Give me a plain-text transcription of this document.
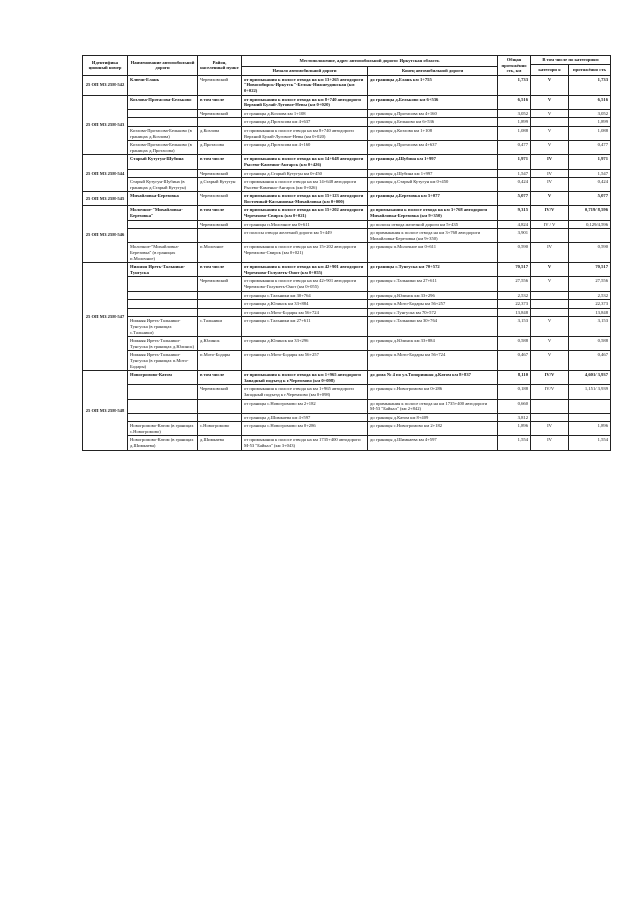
Идентифика ционный номер	Наименование автомобильной дороги	Район, населенный пункт	Местоположение, адрес автомобильной дороги: Иркутская область		Общая протяжённо сть, км	В том числе по категориям	
						категори я	протяжённо сть
			Начало автомобильной дороги	Конец автомобильной дороги			
25 ОП МЗ 25Н-542	Ключи-Елань	Черемховский	от примыкания к полосе отвода на км 13+265 автодороги "Новосибирск-Иркутск"-Белык-Нижнеудинская (км 0+022)	до границы д.Елань км 1+755	1,733	V	1,733
25 ОП МЗ 25Н-543	Козлова-Протасова-Бельково	в том числе	от примыкания к полосе отвода на км 8+740 автодороги Верхний Булай-Луговое-Невы (км 0+020)	до границы д.Бельково км 6+536	6,516	V	6,516
		Черемховский	от границы д.Козлова км 1+108	до границы д.Протасова км 4+160	3,052	V	3,052
			от границы д.Протасова км 4+637	до границы д.Бельково км 6+536	1,899		1,899
	Козлова-Протасова-Бельково (в границах д.Козлова)	д.Козлова	от примыкания к полосе отвода на км 8+740 автодороги Верхний Булай-Луговое-Невы (км 0+020)	до границы д.Козлова км 1+108	1,088	V	1,088
	Козлова-Протасова-Бельково (в границах д.Протасова)	д.Протасова	от границы д.Протасова км 4+160	до границы д.Протасова км 4+637	0,477	V	0,477
25 ОП МЗ 25Н-544	Старый Кутугун-Шубина	в том числе	от примыкания к полосе отвода на км 14+648 автодороги Рысево-Каменно-Ангарск (км 0+426)	до границы д.Шубина км 1+997	1,971	IV	1,971
		Черемховский	от границы д.Старый Кутугун км 0+450	до границы д.Шубина км 1+997	1,547	IV	1,547
	Старый Кутугун-Шубина (в границах д.Старый Кутугун)	д.Старый Кутугун	от примыкания к полосе отвода на км 14+648 автодороги Рысево-Каменно-Ангарск (км 0+026)	до границы д.Старый Кутугун км 0+450	0,424	IV	0,424
25 ОП МЗ 25Н-545	Михайловка-Березовка	Черемховский	от примыкания к полосе отвода на км 15+123 автодороги Восточный-Касьяновка-Михайловка (км 0+000)	до границы д.Березовка км 5+077	5,077	V	5,077
25 ОП МЗ 25Н-546	Молочное-"Михайловка-Березовка"	в том числе	от примыкания к полосе отвода на км 15+202 автодороги Черемхово-Свирск (км 0+021)	до примыкания к полосе отвода на км 3+768 автодороги Михайловка-Березовка (км 9+350)	9,315	IV/V	0,719/ 8,596
		Черемховский	от границы п.Молочное км 0+611	до полосы отвода железной дороги км 5+435	4,824	IV / V	0,129/4,596
			от полосы отвода железной дороги км 5+449	до примыкания к полосе отвода на км 3+768 автодороги Михайловка-Березовка (км 9+350)	3,901		
	Молочное-"Михайловка-Березовка" (в границах п.Молочное)	п.Молочное	от примыкания к полосе отвода на км 15+202 автодороги Черемхово-Свирск (км 0+021)	до границы п.Молочное км 0+611	0,590	IV	0,590
25 ОП МЗ 25Н-547	Нижняя Иреть-Тальники-Тунгуска	в том числе	от примыкания к полосе отвода на км 42+901 автодороги Черемхово-Голуметь-Онот (км 0+055)	до границы с.Тунгуска км 70+572	70,517	V	70,517
		Черемховский	от примыкания к полосе отвода на км 42+901 автодороги Черемхово-Голуметь-Онот (км 0+055)	до границы с.Тальники км 27+611	27,556	V	27,556
			от границы с.Тальники км 30+764	до границы д.Юлинск км 33+296	2,532		2,532
			от границы д.Юлинск км 33+884	до границы п.Мото-Бодары км 56+257	22,373		22,373
			от границы п.Мото-Бодары км 56+724	до границы с.Тунгуска км 70+572	13,848		13,848
	Нижняя Иреть-Тальники-Тунгуска (в границах с.Тальники)	с.Тальники	от границы с.Тальники км 27+611	до границы с.Тальники км 30+764	3,153	V	3,153
	Нижняя Иреть-Тальники-Тунгуска (в границах д.Юлинск)	д.Юлинск	от границы д.Юлинск км 33+296	до границы д.Юлинск км 33+884	0,588	V	0,588
	Нижняя Иреть-Тальники-Тунгуска (в границах п.Мото-Бодары)	п.Мото-Бодары	от границы п.Мото-Бодары км 56+257	до границы п.Мото-Бодары км 56+724	0,467	V	0,467
25 ОП МЗ 25Н-548	Новогромово-Катом	в том числе	от примыкания к полосе отвода на км 1+965 автодороги Западный подъезд к г.Черемхово (км 0+098)	до дома № 4 по ул.Топоринная д.Катом км 8+837	8,110	IV/V	4,601/ 3,937
		Черемховский	от примыкания к полосе отвода на км 1+965 автодороги Западный подъезд к г.Черемхово (км 0+098)	до границы с.Новогромово км 0+286	0,188	IV/V	1,151/ 3,939
			от границы с.Новогромово км 2+182	до примыкания к полосе отвода на км 1735+400 автодороги М-53 "Байкал" (км 2+842)	0,660		
			от границы д.Шимкаева км 4+597	до границы д.Катом км 8+409	3,812		
	Новогромово-Катом (в границах с.Новогромово)	с.Новогромово	от границы с.Новогромово км 0+286	до границы с.Новогромово км 2+182	1,896	IV	1,896
	Новогромово-Катом (в границах д.Шимкаева)	д.Шимкаева	от примыкания к полосе отвода на км 1735+400 автодороги М-53 "Байкал" (км 3+043)	до границы д.Шимкаева км 4+597	1,554	IV	1,554
